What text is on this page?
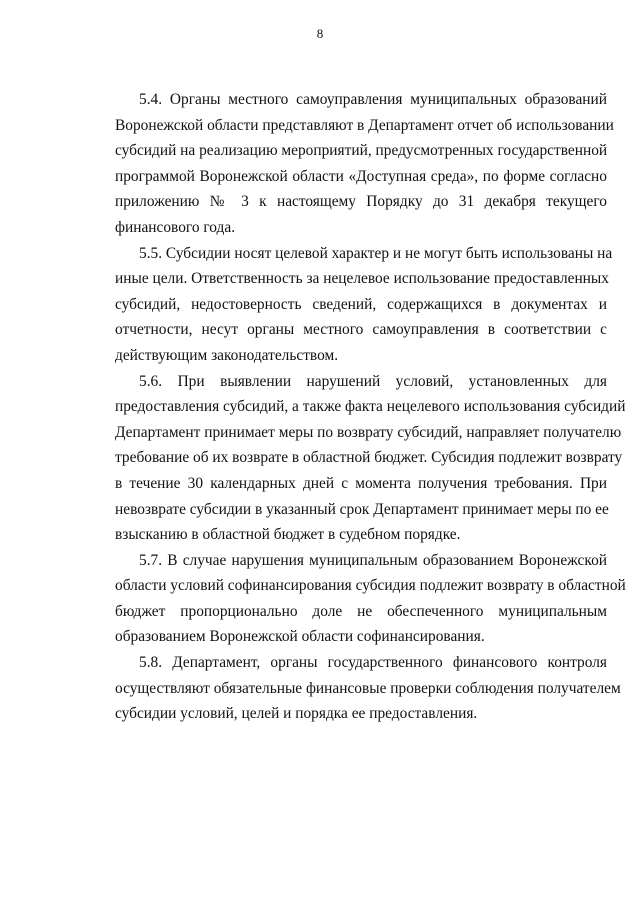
8
5.4. Органы местного самоуправления муниципальных образований
Воронежской области представляют в Департамент отчет об использовании
субсидий на реализацию мероприятий, предусмотренных государственной
программой Воронежской области «Доступная среда», по форме согласно
приложению № 3 к настоящему Порядку до 31 декабря текущего
финансового года.
5.5. Субсидии носят целевой характер и не могут быть использованы на
иные цели. Ответственность за нецелевое использование предоставленных
субсидий, недостоверность сведений, содержащихся в документах и
отчетности, несут органы местного самоуправления в соответствии с
действующим законодательством.
5.6. При выявлении нарушений условий, установленных для
предоставления субсидий, а также факта нецелевого использования субсидий
Департамент принимает меры по возврату субсидий, направляет получателю
требование об их возврате в областной бюджет. Субсидия подлежит возврату
в течение 30 календарных дней с момента получения требования. При
невозврате субсидии в указанный срок Департамент принимает меры по ее
взысканию в областной бюджет в судебном порядке.
5.7. В случае нарушения муниципальным образованием Воронежской
области условий софинансирования субсидия подлежит возврату в областной
бюджет пропорционально доле не обеспеченного муниципальным
образованием Воронежской области софинансирования.
5.8. Департамент, органы государственного финансового контроля
осуществляют обязательные финансовые проверки соблюдения получателем
субсидии условий, целей и порядка ее предоставления.
